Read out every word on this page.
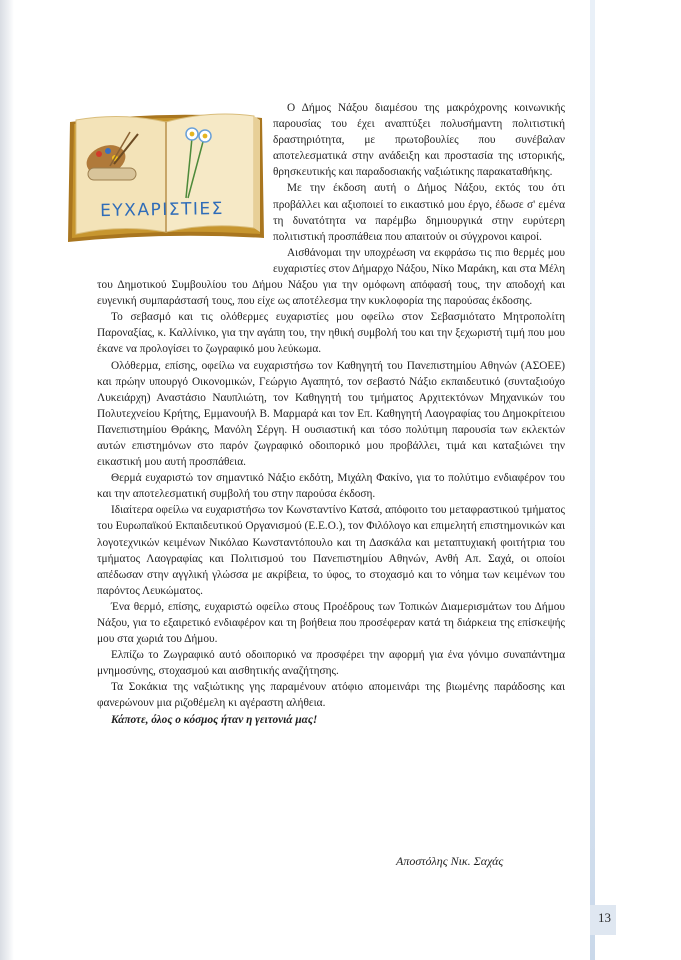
ΕΥΧΑΡΙΣΤΙΕΣ

Ο Δήμος Νάξου διαμέσου της μακρόχρονης κοινωνικής παρουσίας του έχει αναπτύξει πολυσήμαντη πολιτιστική δραστηριότητα, με πρωτοβουλίες που συνέβαλαν αποτελεσματικά στην ανάδειξη και προστασία της ιστορικής, θρησκευτικής και παραδοσιακής ναξιώτικης παρακαταθήκης.

Με την έκδοση αυτή ο Δήμος Νάξου, εκτός του ότι προβάλλει και αξιοποιεί το εικαστικό μου έργο, έδωσε σ' εμένα τη δυνατότητα να παρέμβω δημιουργικά στην ευρύτερη πολιτιστική προσπάθεια που απαιτούν οι σύγχρονοι καιροί.

Αισθάνομαι την υποχρέωση να εκφράσω τις πιο θερμές μου ευχαριστίες στον Δήμαρχο Νάξου, Νίκο Μαράκη, και στα Μέλη του Δημοτικού Συμβουλίου του Δήμου Νάξου για την ομόφωνη απόφασή τους, την αποδοχή και ευγενική συμπαράστασή τους, που είχε ως αποτέλεσμα την κυκλοφορία της παρούσας έκδοσης.

Το σεβασμό και τις ολόθερμες ευχαριστίες μου οφείλω στον Σεβασμιότατο Μητροπολίτη Παροναξίας, κ. Καλλίνικο, για την αγάπη του, την ηθική συμβολή του και την ξεχωριστή τιμή που μου έκανε να προλογίσει το ζωγραφικό μου λεύκωμα.

Ολόθερμα, επίσης, οφείλω να ευχαριστήσω τον Καθηγητή του Πανεπιστημίου Αθηνών (ΑΣΟΕΕ) και πρώην υπουργό Οικονομικών, Γεώργιο Αγαπητό, τον σεβαστό Νάξιο εκπαιδευτικό (συνταξιούχο Λυκειάρχη) Αναστάσιο Ναυπλιώτη, τον Καθηγητή του τμήματος Αρχιτεκτόνων Μηχανικών του Πολυτεχνείου Κρήτης, Εμμανουήλ Β. Μαρμαρά και τον Επ. Καθηγητή Λαογραφίας του Δημοκρίτειου Πανεπιστημίου Θράκης, Μανόλη Σέργη. Η ουσιαστική και τόσο πολύτιμη παρουσία των εκλεκτών αυτών επιστημόνων στο παρόν ζωγραφικό οδοιπορικό μου προβάλλει, τιμά και καταξιώνει την εικαστική μου αυτή προσπάθεια.

Θερμά ευχαριστώ τον σημαντικό Νάξιο εκδότη, Μιχάλη Φακίνο, για το πολύτιμο ενδιαφέρον του και την αποτελεσματική συμβολή του στην παρούσα έκδοση.

Ιδιαίτερα οφείλω να ευχαριστήσω τον Κωνσταντίνο Κατσά, απόφοιτο του μεταφραστικού τμήματος του Ευρωπαϊκού Εκπαιδευτικού Οργανισμού (Ε.Ε.Ο.), τον Φιλόλογο και επιμελητή επιστημονικών και λογοτεχνικών κειμένων Νικόλαο Κωνσταντόπουλο και τη Δασκάλα και μεταπτυχιακή φοιτήτρια του τμήματος Λαογραφίας και Πολιτισμού του Πανεπιστημίου Αθηνών, Ανθή Απ. Σαχά, οι οποίοι απέδωσαν στην αγγλική γλώσσα με ακρίβεια, το ύφος, το στοχασμό και το νόημα των κειμένων του παρόντος Λευκώματος.

Ένα θερμό, επίσης, ευχαριστώ οφείλω στους Προέδρους των Τοπικών Διαμερισμάτων του Δήμου Νάξου, για το εξαιρετικό ενδιαφέρον και τη βοήθεια που προσέφεραν κατά τη διάρκεια της επίσκεψής μου στα χωριά του Δήμου.

Ελπίζω το Ζωγραφικό αυτό οδοιπορικό να προσφέρει την αφορμή για ένα γόνιμο συναπάντημα μνημοσύνης, στοχασμού και αισθητικής αναζήτησης.

Τα Σοκάκια της ναξιώτικης γης παραμένουν ατόφιο απομεινάρι της βιωμένης παράδοσης και φανερώνουν μια ριζοθέμελη κι αγέραστη αλήθεια.

Κάποτε, όλος ο κόσμος ήταν η γειτονιά μας!

Αποστόλης Νικ. Σαχάς
13
